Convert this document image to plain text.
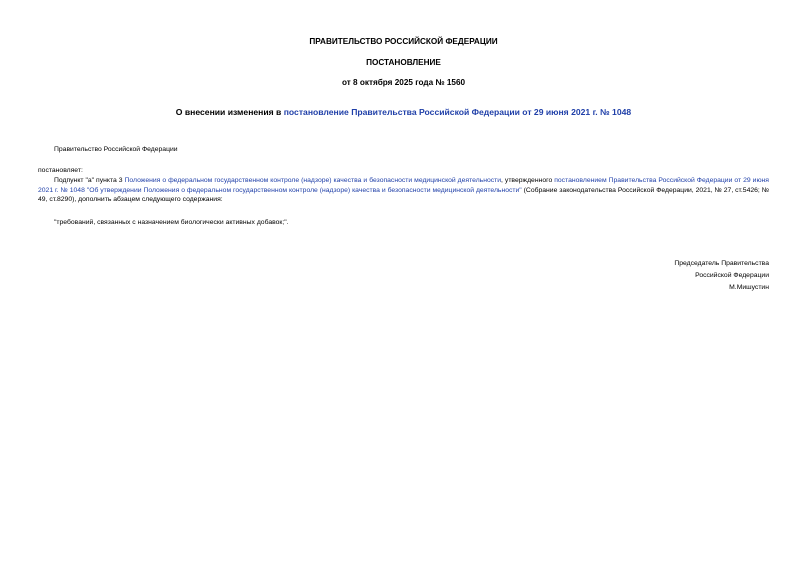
ПРАВИТЕЛЬСТВО РОССИЙСКОЙ ФЕДЕРАЦИИ
ПОСТАНОВЛЕНИЕ
от 8 октября 2025 года № 1560
О внесении изменения в постановление Правительства Российской Федерации от 29 июня 2021 г. № 1048
Правительство Российской Федерации
постановляет:
Подпункт "а" пункта 3 Положения о федеральном государственном контроле (надзоре) качества и безопасности медицинской деятельности, утвержденного постановлением Правительства Российской Федерации от 29 июня 2021 г. № 1048 "Об утверждении Положения о федеральном государственном контроле (надзоре) качества и безопасности медицинской деятельности" (Собрание законодательства Российской Федерации, 2021, № 27, ст.5426; № 49, ст.8290), дополнить абзацем следующего содержания:
"требований, связанных с назначением биологически активных добавок;".
Председатель Правительства
Российской Федерации
М.Мишустин
